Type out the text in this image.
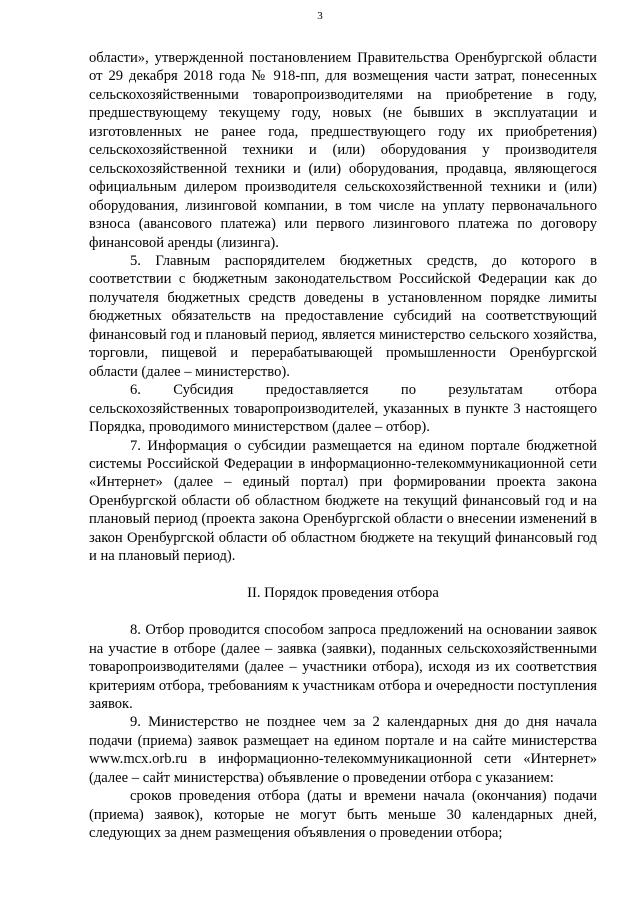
3

области», утвержденной постановлением Правительства Оренбургской области от 29 декабря 2018 года № 918-пп, для возмещения части затрат, понесенных сельскохозяйственными товаропроизводителями на приобретение в году, предшествующему текущему году, новых (не бывших в эксплуатации и изготовленных не ранее года, предшествующего году их приобретения) сельскохозяйственной техники и (или) оборудования у производителя сельскохозяйственной техники и (или) оборудования, продавца, являющегося официальным дилером производителя сельскохозяйственной техники и (или) оборудования, лизинговой компании, в том числе на уплату первоначального взноса (авансового платежа) или первого лизингового платежа по договору финансовой аренды (лизинга).

5. Главным распорядителем бюджетных средств, до которого в соответствии с бюджетным законодательством Российской Федерации как до получателя бюджетных средств доведены в установленном порядке лимиты бюджетных обязательств на предоставление субсидий на соответствующий финансовый год и плановый период, является министерство сельского хозяйства, торговли, пищевой и перерабатывающей промышленности Оренбургской области (далее – министерство).

6. Субсидия предоставляется по результатам отбора сельскохозяйственных товаропроизводителей, указанных в пункте 3 настоящего Порядка, проводимого министерством (далее – отбор).

7. Информация о субсидии размещается на едином портале бюджетной системы Российской Федерации в информационно-телекоммуникационной сети «Интернет» (далее – единый портал) при формировании проекта закона Оренбургской области об областном бюджете на текущий финансовый год и на плановый период (проекта закона Оренбургской области о внесении изменений в закон Оренбургской области об областном бюджете на текущий финансовый год и на плановый период).

II. Порядок проведения отбора

8. Отбор проводится способом запроса предложений на основании заявок на участие в отборе (далее – заявка (заявки), поданных сельскохозяйственными товаропроизводителями (далее – участники отбора), исходя из их соответствия критериям отбора, требованиям к участникам отбора и очередности поступления заявок.

9. Министерство не позднее чем за 2 календарных дня до дня начала подачи (приема) заявок размещает на едином портале и на сайте министерства www.mcx.orb.ru в информационно-телекоммуникационной сети «Интернет» (далее – сайт министерства) объявление о проведении отбора с указанием:

сроков проведения отбора (даты и времени начала (окончания) подачи (приема) заявок), которые не могут быть меньше 30 календарных дней, следующих за днем размещения объявления о проведении отбора;
